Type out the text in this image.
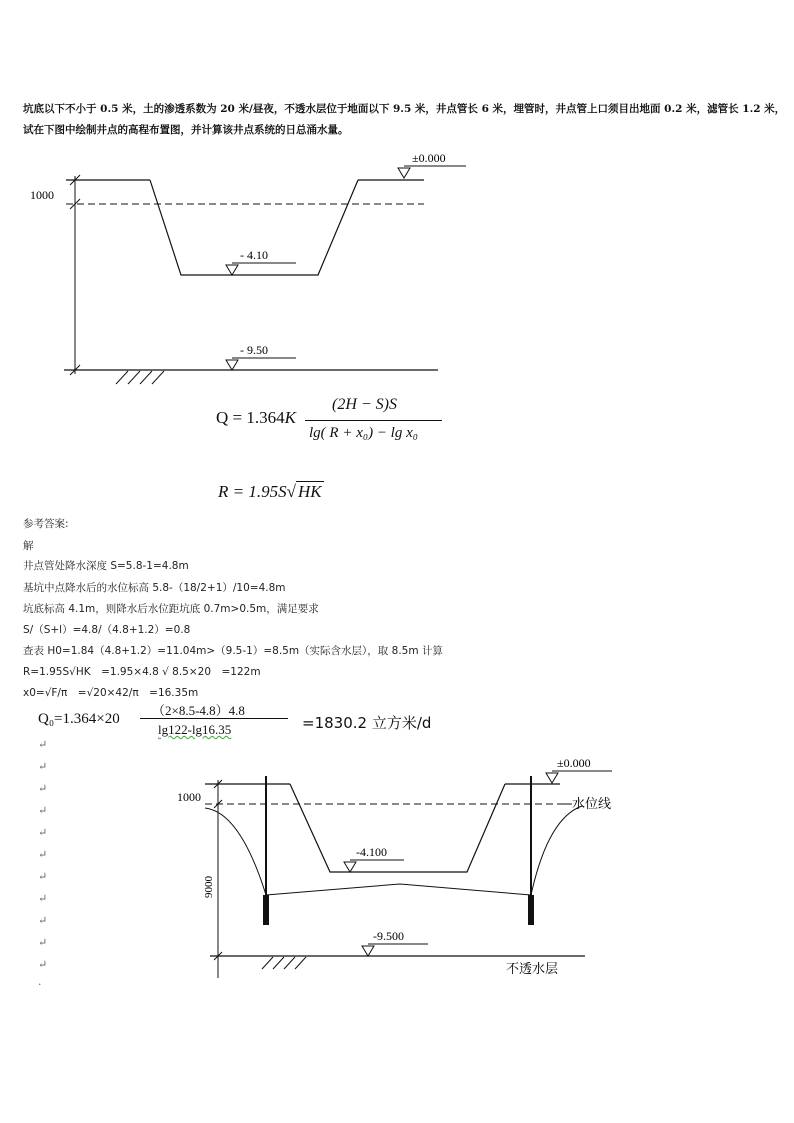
坑底以下不小于 0.5 米，土的渗透系数为 20 米/昼夜，不透水层位于地面以下 9.5 米，井点管长 6 米，埋管时，井点管上口须目出地面 0.2 米，滤管长 1.2 米，
试在下图中绘制井点的高程布置图，并计算该井点系统的日总涌水量。
±0.000
- 4.10
- 9.50
1000
Q = 1.364K
(2H − S)S
lg( R + x₀) − lg x₀
R = 1.95S√ HK
参考答案:
解
井点管处降水深度 S=5.8-1=4.8m
基坑中点降水后的水位标高 5.8-（18/2+1）/10=4.8m
坑底标高 4.1m，则降水后水位距坑底 0.7m>0.5m，满足要求
S/（S+l）=4.8/（4.8+1.2）=0.8
查表 H0=1.84（4.8+1.2）=11.04m>（9.5-1）=8.5m（实际含水层），取 8.5m 计算
R=1.95S√HK　=1.95×4.8 √ 8.5×20　=122m
x0=√F/π　=√20×42/π　=16.35m
Q₀=1.364×20
（2×8.5-4.8）4.8
lg122-lg16.35	=1830.2 立方米/d
↵
↵
↵
↵
↵
↵
↵
↵
↵
↵
↵
·
±0.000
-4.100
-9.500
1000	水位线
9000
不透水层
